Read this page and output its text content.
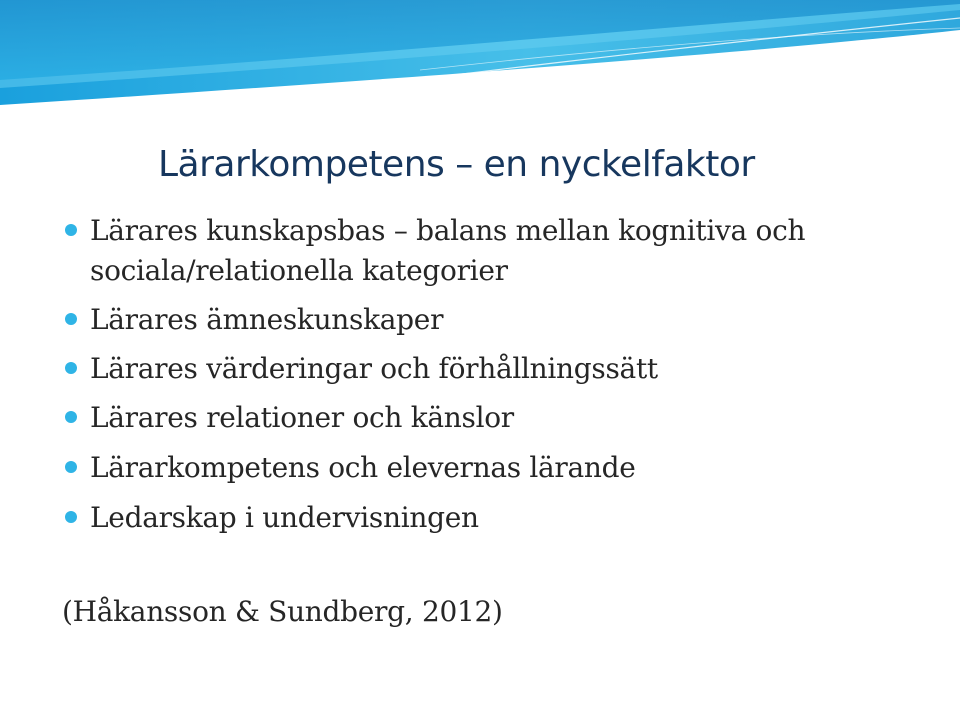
Lärarkompetens – en nyckelfaktor
Lärares kunskapsbas – balans mellan kognitiva och
sociala/relationella kategorier
Lärares ämneskunskaper
Lärares värderingar och förhållningssätt
Lärares relationer och känslor
Lärarkompetens och elevernas lärande
Ledarskap i undervisningen
(Håkansson & Sundberg, 2012)
